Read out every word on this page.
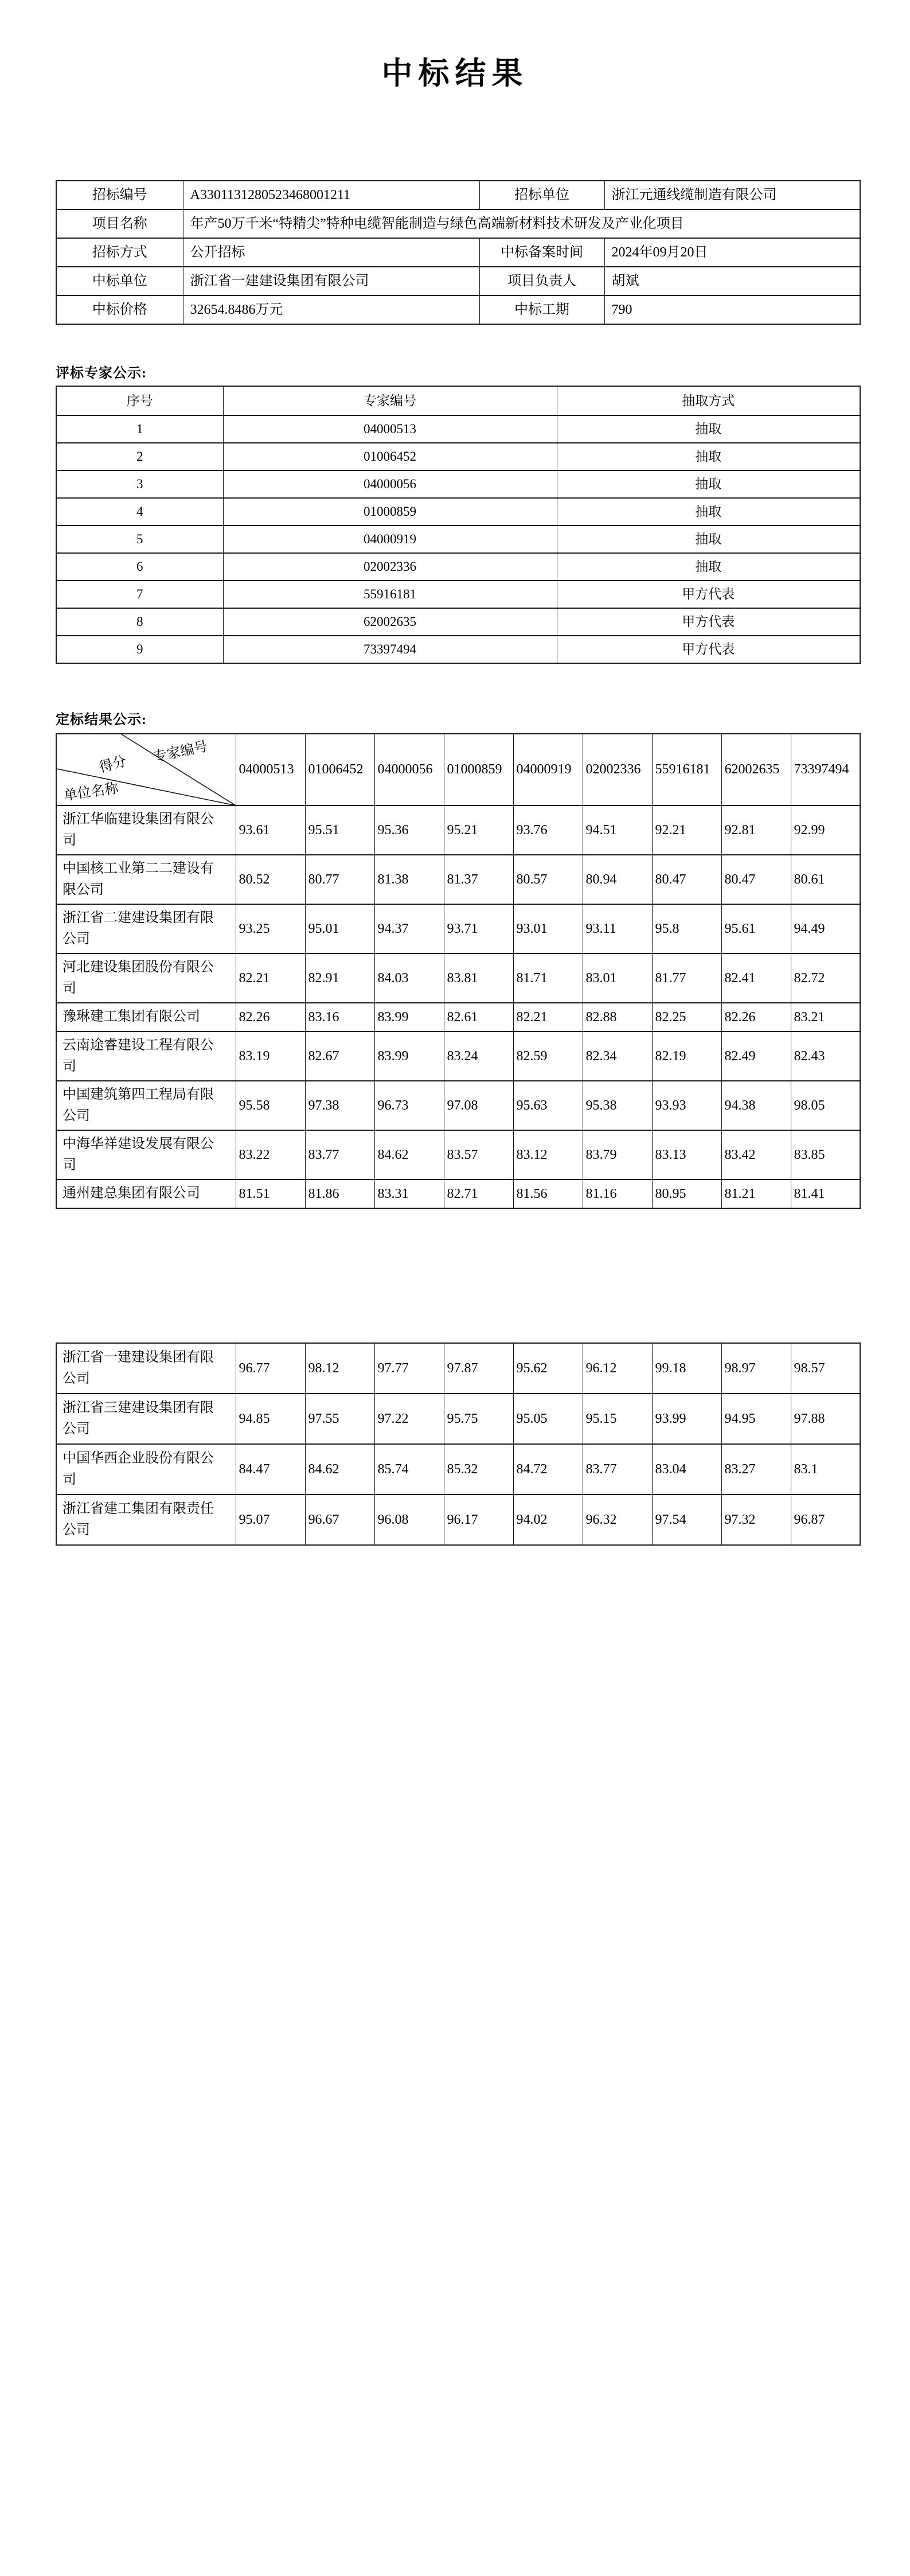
中标结果
招标编号	A3301131280523468001211	招标单位	浙江元通线缆制造有限公司
项目名称	年产50万千米“特精尖”特种电缆智能制造与绿色高端新材料技术研发及产业化项目		
招标方式	公开招标	中标备案时间	2024年09月20日
中标单位	浙江省一建建设集团有限公司	项目负责人	胡斌
中标价格	32654.8486万元	中标工期	790
评标专家公示:
序号	专家编号	抽取方式
1	04000513	抽取
2	01006452	抽取
3	04000056	抽取
4	01000859	抽取
5	04000919	抽取
6	02002336	抽取
7	55916181	甲方代表
8	62002635	甲方代表
9	73397494	甲方代表
定标结果公示:
专家编号
得分
单位名称	04000513	01006452	04000056	01000859	04000919	02002336	55916181	62002635	73397494
浙江华临建设集团有限公司	93.61	95.51	95.36	95.21	93.76	94.51	92.21	92.81	92.99
中国核工业第二二建设有限公司	80.52	80.77	81.38	81.37	80.57	80.94	80.47	80.47	80.61
浙江省二建建设集团有限公司	93.25	95.01	94.37	93.71	93.01	93.11	95.8	95.61	94.49
河北建设集团股份有限公司	82.21	82.91	84.03	83.81	81.71	83.01	81.77	82.41	82.72
豫琳建工集团有限公司	82.26	83.16	83.99	82.61	82.21	82.88	82.25	82.26	83.21
云南途睿建设工程有限公司	83.19	82.67	83.99	83.24	82.59	82.34	82.19	82.49	82.43
中国建筑第四工程局有限公司	95.58	97.38	96.73	97.08	95.63	95.38	93.93	94.38	98.05
中海华祥建设发展有限公司	83.22	83.77	84.62	83.57	83.12	83.79	83.13	83.42	83.85
通州建总集团有限公司	81.51	81.86	83.31	82.71	81.56	81.16	80.95	81.21	81.41
浙江省一建建设集团有限公司	96.77	98.12	97.77	97.87	95.62	96.12	99.18	98.97	98.57
浙江省三建建设集团有限公司	94.85	97.55	97.22	95.75	95.05	95.15	93.99	94.95	97.88
中国华西企业股份有限公司	84.47	84.62	85.74	85.32	84.72	83.77	83.04	83.27	83.1
浙江省建工集团有限责任公司	95.07	96.67	96.08	96.17	94.02	96.32	97.54	97.32	96.87
